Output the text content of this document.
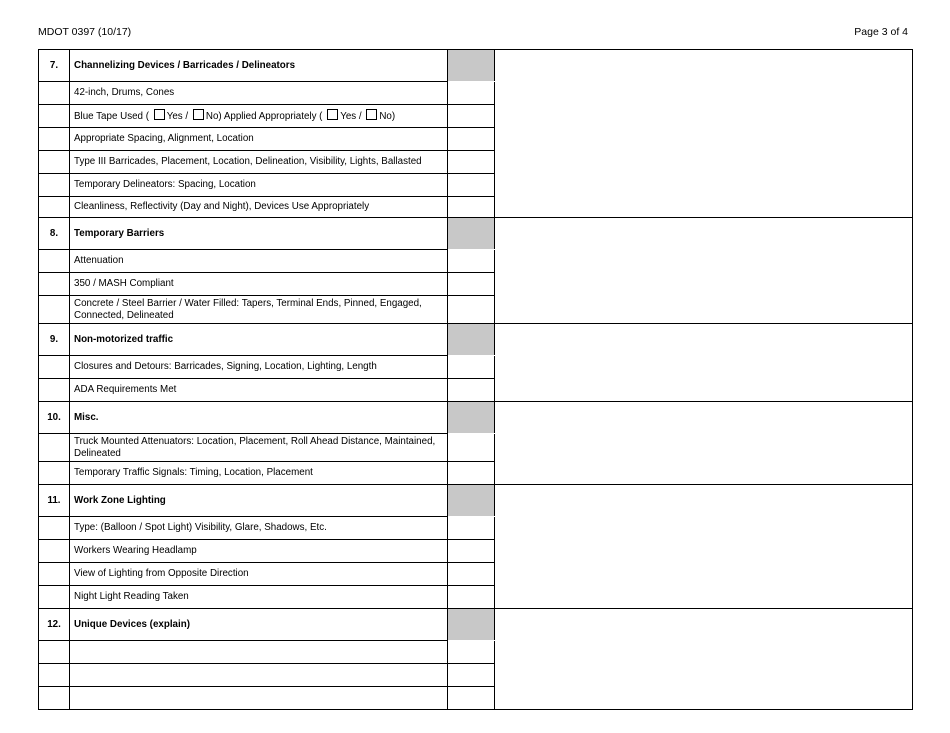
MDOT 0397 (10/17)	Page 3 of 4
7.	Channelizing Devices / Barricades / Delineators		
	42-inch, Drums, Cones		
	Blue Tape Used ( Yes / No) Applied Appropriately ( Yes / No)		
	Appropriate Spacing, Alignment, Location		
	Type III Barricades, Placement, Location, Delineation, Visibility, Lights, Ballasted		
	Temporary Delineators: Spacing, Location		
	Cleanliness, Reflectivity (Day and Night), Devices Use Appropriately		
8.	Temporary Barriers		
	Attenuation		
	350 / MASH Compliant		
	Concrete / Steel Barrier / Water Filled: Tapers, Terminal Ends, Pinned, Engaged, Connected, Delineated		
9.	Non-motorized traffic		
	Closures and Detours: Barricades, Signing, Location, Lighting, Length		
	ADA Requirements Met		
10.	Misc.		
	Truck Mounted Attenuators: Location, Placement, Roll Ahead Distance, Maintained, Delineated		
	Temporary Traffic Signals: Timing, Location, Placement		
11.	Work Zone Lighting		
	Type: (Balloon / Spot Light) Visibility, Glare, Shadows, Etc.		
	Workers Wearing Headlamp		
	View of Lighting from Opposite Direction		
	Night Light Reading Taken		
12.	Unique Devices (explain)		
